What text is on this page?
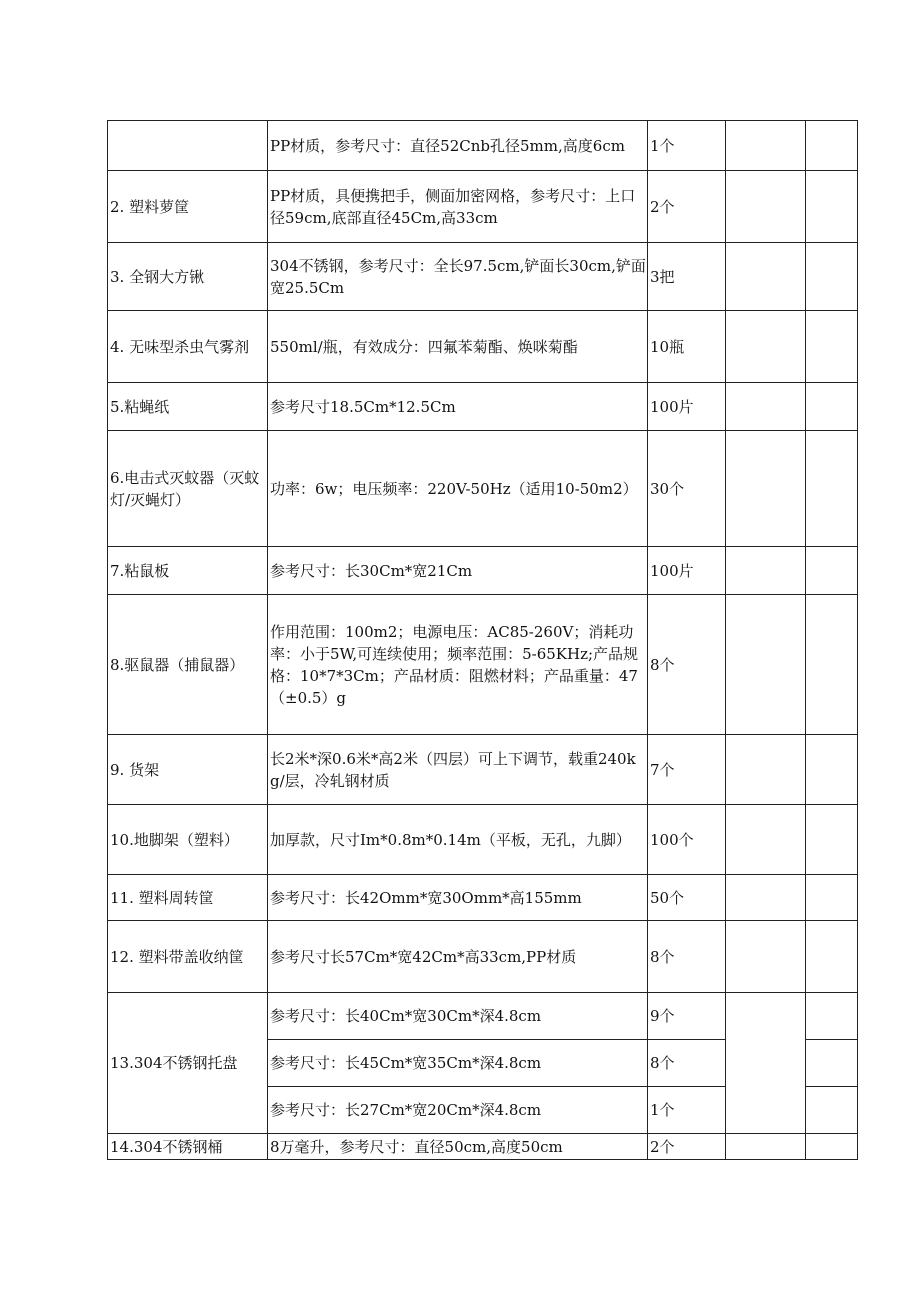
	PP材质，参考尺寸：直径52Cnb孔径5mm,高度6cm	1个		
2. 塑料萝筐	PP材质，具便携把手，侧面加密网格，参考尺寸：上口径59cm,底部直径45Cm,高33cm	2个		
3. 全钢大方锹	304不锈钢，参考尺寸：全长97.5cm,铲面长30cm,铲面宽25.5Cm	3把		
4. 无味型杀虫气雾剂	550ml∕瓶，有效成分：四氟苯菊酯、焕咪菊酯	10瓶		
5.粘蝇纸	参考尺寸18.5Cm*12.5Cm	100片		
6.电击式灭蚊器（灭蚊灯/灭蝇灯）	功率：6w；电压频率：220V-50Hz（适用10-50m2）	30个		
7.粘鼠板	参考尺寸：长30Cm*宽21Cm	100片		
8.驱鼠器（捕鼠器）	作用范围：100m2；电源电压：AC85-260V；消耗功率：小于5W,可连续使用；频率范围：5-65KHz;产品规格：10*7*3Cm；产品材质：阻燃材料；产品重量：47（±0.5）g	8个		
9. 货架	长2米*深0.6米*高2米（四层）可上下调节，载重240kg/层，冷轧钢材质	7个		
10.地脚架（塑料）	加厚款，尺寸Im*0.8m*0.14m（平板，无孔，九脚）	100个		
11. 塑料周转筐	参考尺寸：长42Omm*宽30Omm*高155mm	50个		
12. 塑料带盖收纳筐	参考尺寸长57Cm*宽42Cm*高33cm,PP材质	8个		
13.304不锈钢托盘	参考尺寸：长40Cm*宽30Cm*深4.8cm	9个		
	参考尺寸：长45Cm*宽35Cm*深4.8cm	8个		
	参考尺寸：长27Cm*宽20Cm*深4.8cm	1个		
14.304不锈钢桶	8万毫升，参考尺寸：直径50cm,高度50cm	2个		
